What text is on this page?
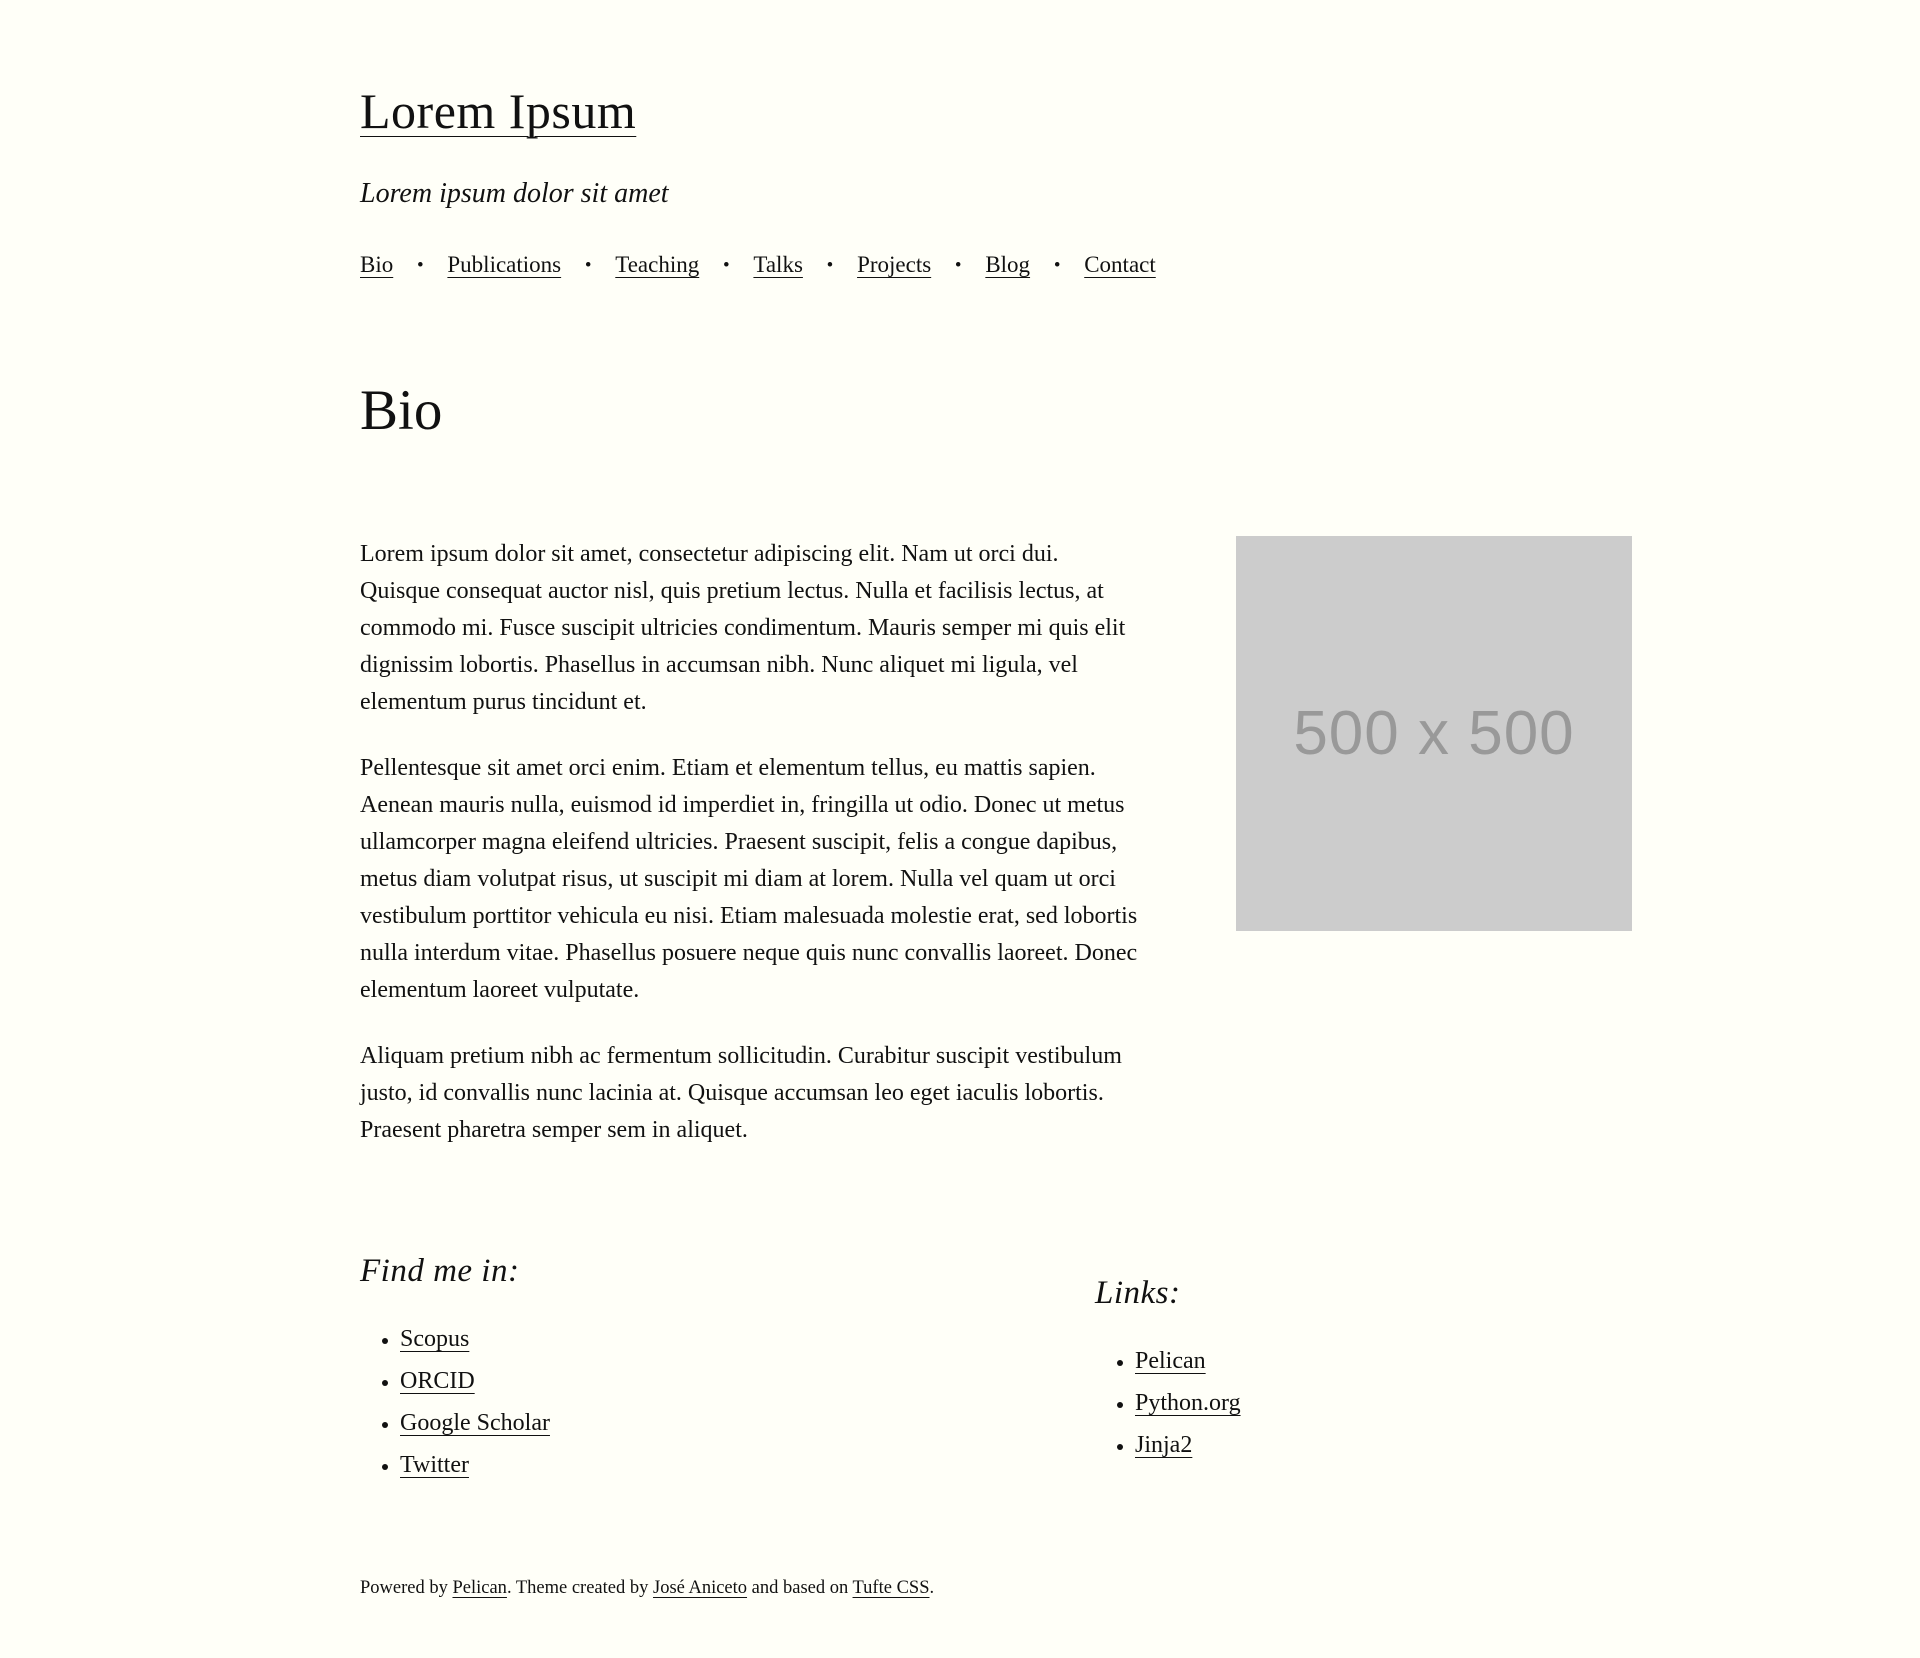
Lorem Ipsum

Lorem ipsum dolor sit amet

Bio • Publications • Teaching • Talks • Projects • Blog • Contact
Bio

Lorem ipsum dolor sit amet, consectetur adipiscing elit. Nam ut orci dui. Quisque consequat auctor nisl, quis pretium lectus. Nulla et facilisis lectus, at commodo mi. Fusce suscipit ultricies condimentum. Mauris semper mi quis elit dignissim lobortis. Phasellus in accumsan nibh. Nunc aliquet mi ligula, vel elementum purus tincidunt et.

Pellentesque sit amet orci enim. Etiam et elementum tellus, eu mattis sapien. Aenean mauris nulla, euismod id imperdiet in, fringilla ut odio. Donec ut metus ullamcorper magna eleifend ultricies. Praesent suscipit, felis a congue dapibus, metus diam volutpat risus, ut suscipit mi diam at lorem. Nulla vel quam ut orci vestibulum porttitor vehicula eu nisi. Etiam malesuada molestie erat, sed lobortis nulla interdum vitae. Phasellus posuere neque quis nunc convallis laoreet. Donec elementum laoreet vulputate.

Aliquam pretium nibh ac fermentum sollicitudin. Curabitur suscipit vestibulum justo, id convallis nunc lacinia at. Quisque accumsan leo eget iaculis lobortis. Praesent pharetra semper sem in aliquet.

500 x 500
Find me in:
• Scopus
• ORCID
• Google Scholar
• Twitter
Links:
• Pelican
• Python.org
• Jinja2

Powered by Pelican. Theme created by José Aniceto and based on Tufte CSS.
